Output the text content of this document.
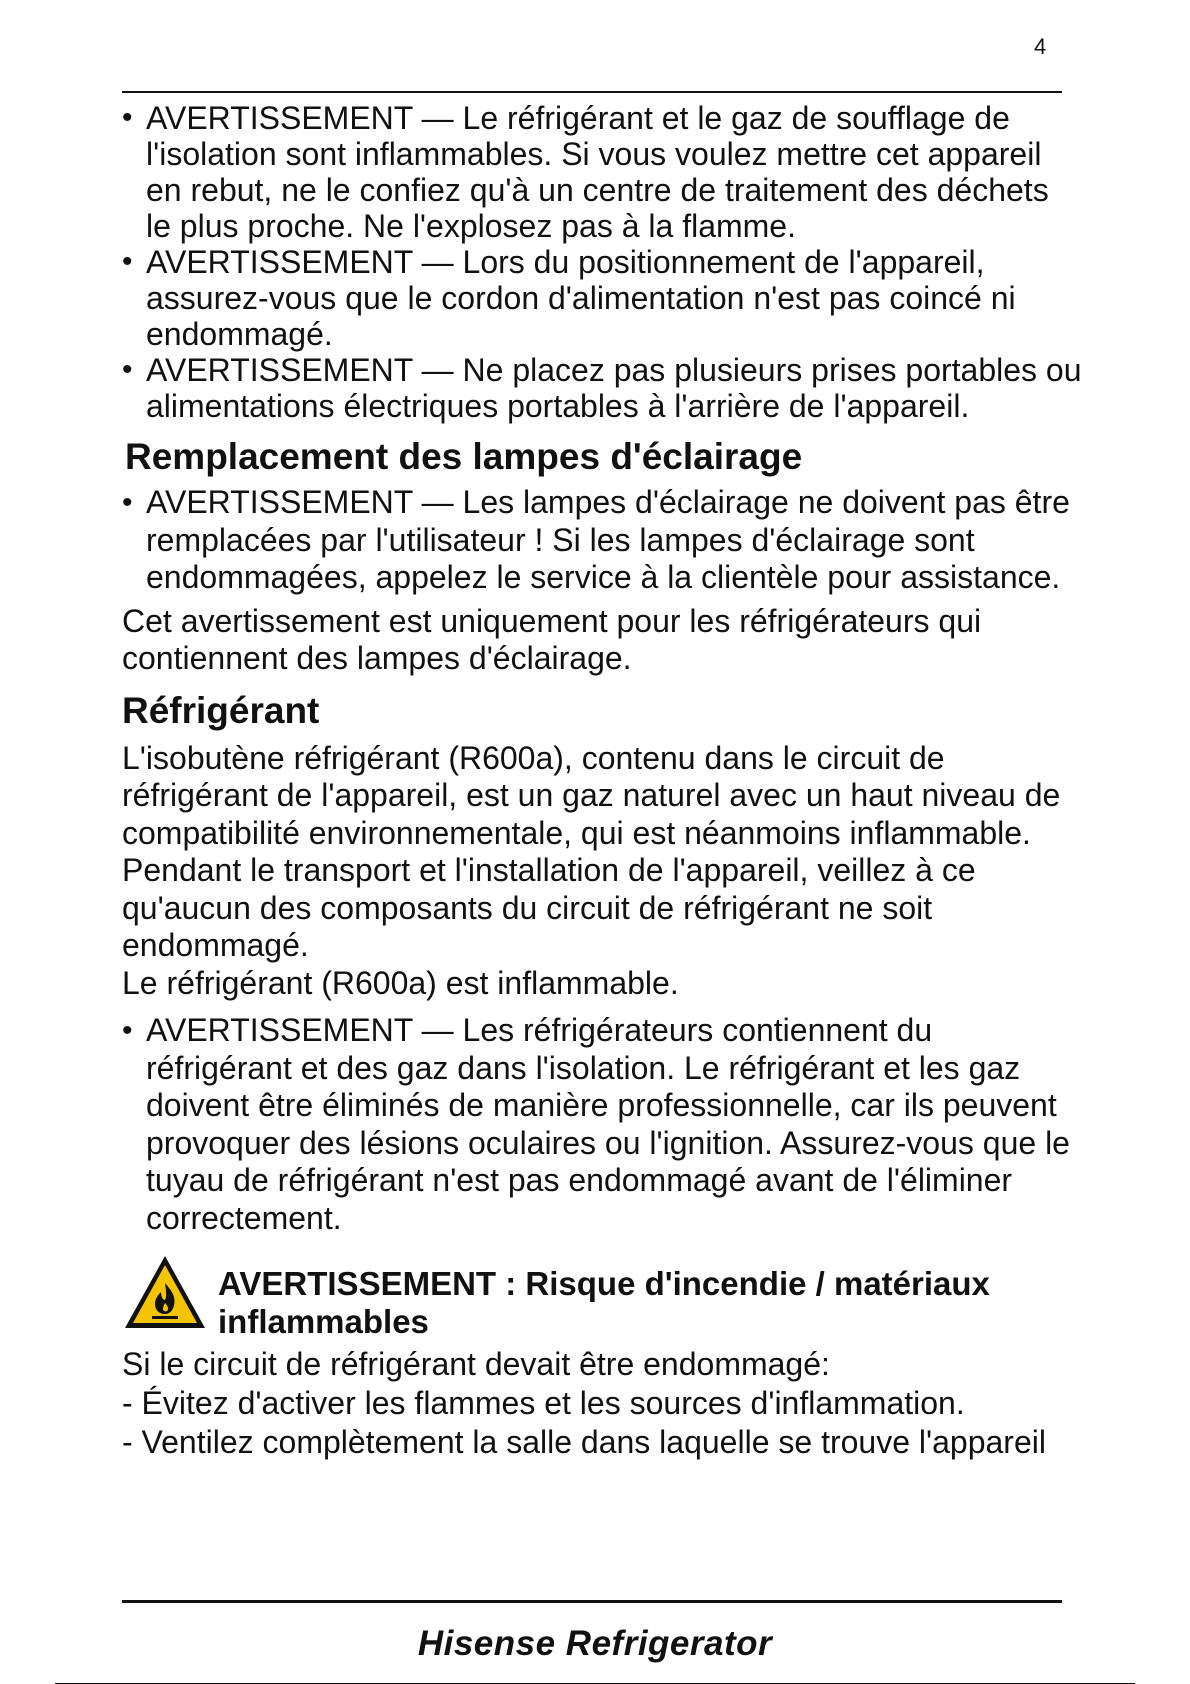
4
• AVERTISSEMENT — Le réfrigérant et le gaz de soufflage de l'isolation sont inflammables. Si vous voulez mettre cet appareil en rebut, ne le confiez qu'à un centre de traitement des déchets le plus proche. Ne l'explosez pas à la flamme.
• AVERTISSEMENT — Lors du positionnement de l'appareil, assurez-vous que le cordon d'alimentation n'est pas coincé ni endommagé.
• AVERTISSEMENT — Ne placez pas plusieurs prises portables ou alimentations électriques portables à l'arrière de l'appareil.
Remplacement des lampes d'éclairage
• AVERTISSEMENT — Les lampes d'éclairage ne doivent pas être remplacées par l'utilisateur ! Si les lampes d'éclairage sont endommagées, appelez le service à la clientèle pour assistance.

Cet avertissement est uniquement pour les réfrigérateurs qui contiennent des lampes d'éclairage.

Réfrigérant

L'isobutène réfrigérant (R600a), contenu dans le circuit de réfrigérant de l'appareil, est un gaz naturel avec un haut niveau de compatibilité environnementale, qui est néanmoins inflammable. Pendant le transport et l'installation de l'appareil, veillez à ce qu'aucun des composants du circuit de réfrigérant ne soit endommagé.

Le réfrigérant (R600a) est inflammable.

• AVERTISSEMENT — Les réfrigérateurs contiennent du réfrigérant et des gaz dans l'isolation. Le réfrigérant et les gaz doivent être éliminés de manière professionnelle, car ils peuvent provoquer des lésions oculaires ou l'ignition. Assurez-vous que le tuyau de réfrigérant n'est pas endommagé avant de l'éliminer correctement.
AVERTISSEMENT : Risque d'incendie / matériaux inflammables

Si le circuit de réfrigérant devait être endommagé:

- Évitez d'activer les flammes et les sources d'inflammation.

- Ventilez complètement la salle dans laquelle se trouve l'appareil

Hisense Refrigerator
